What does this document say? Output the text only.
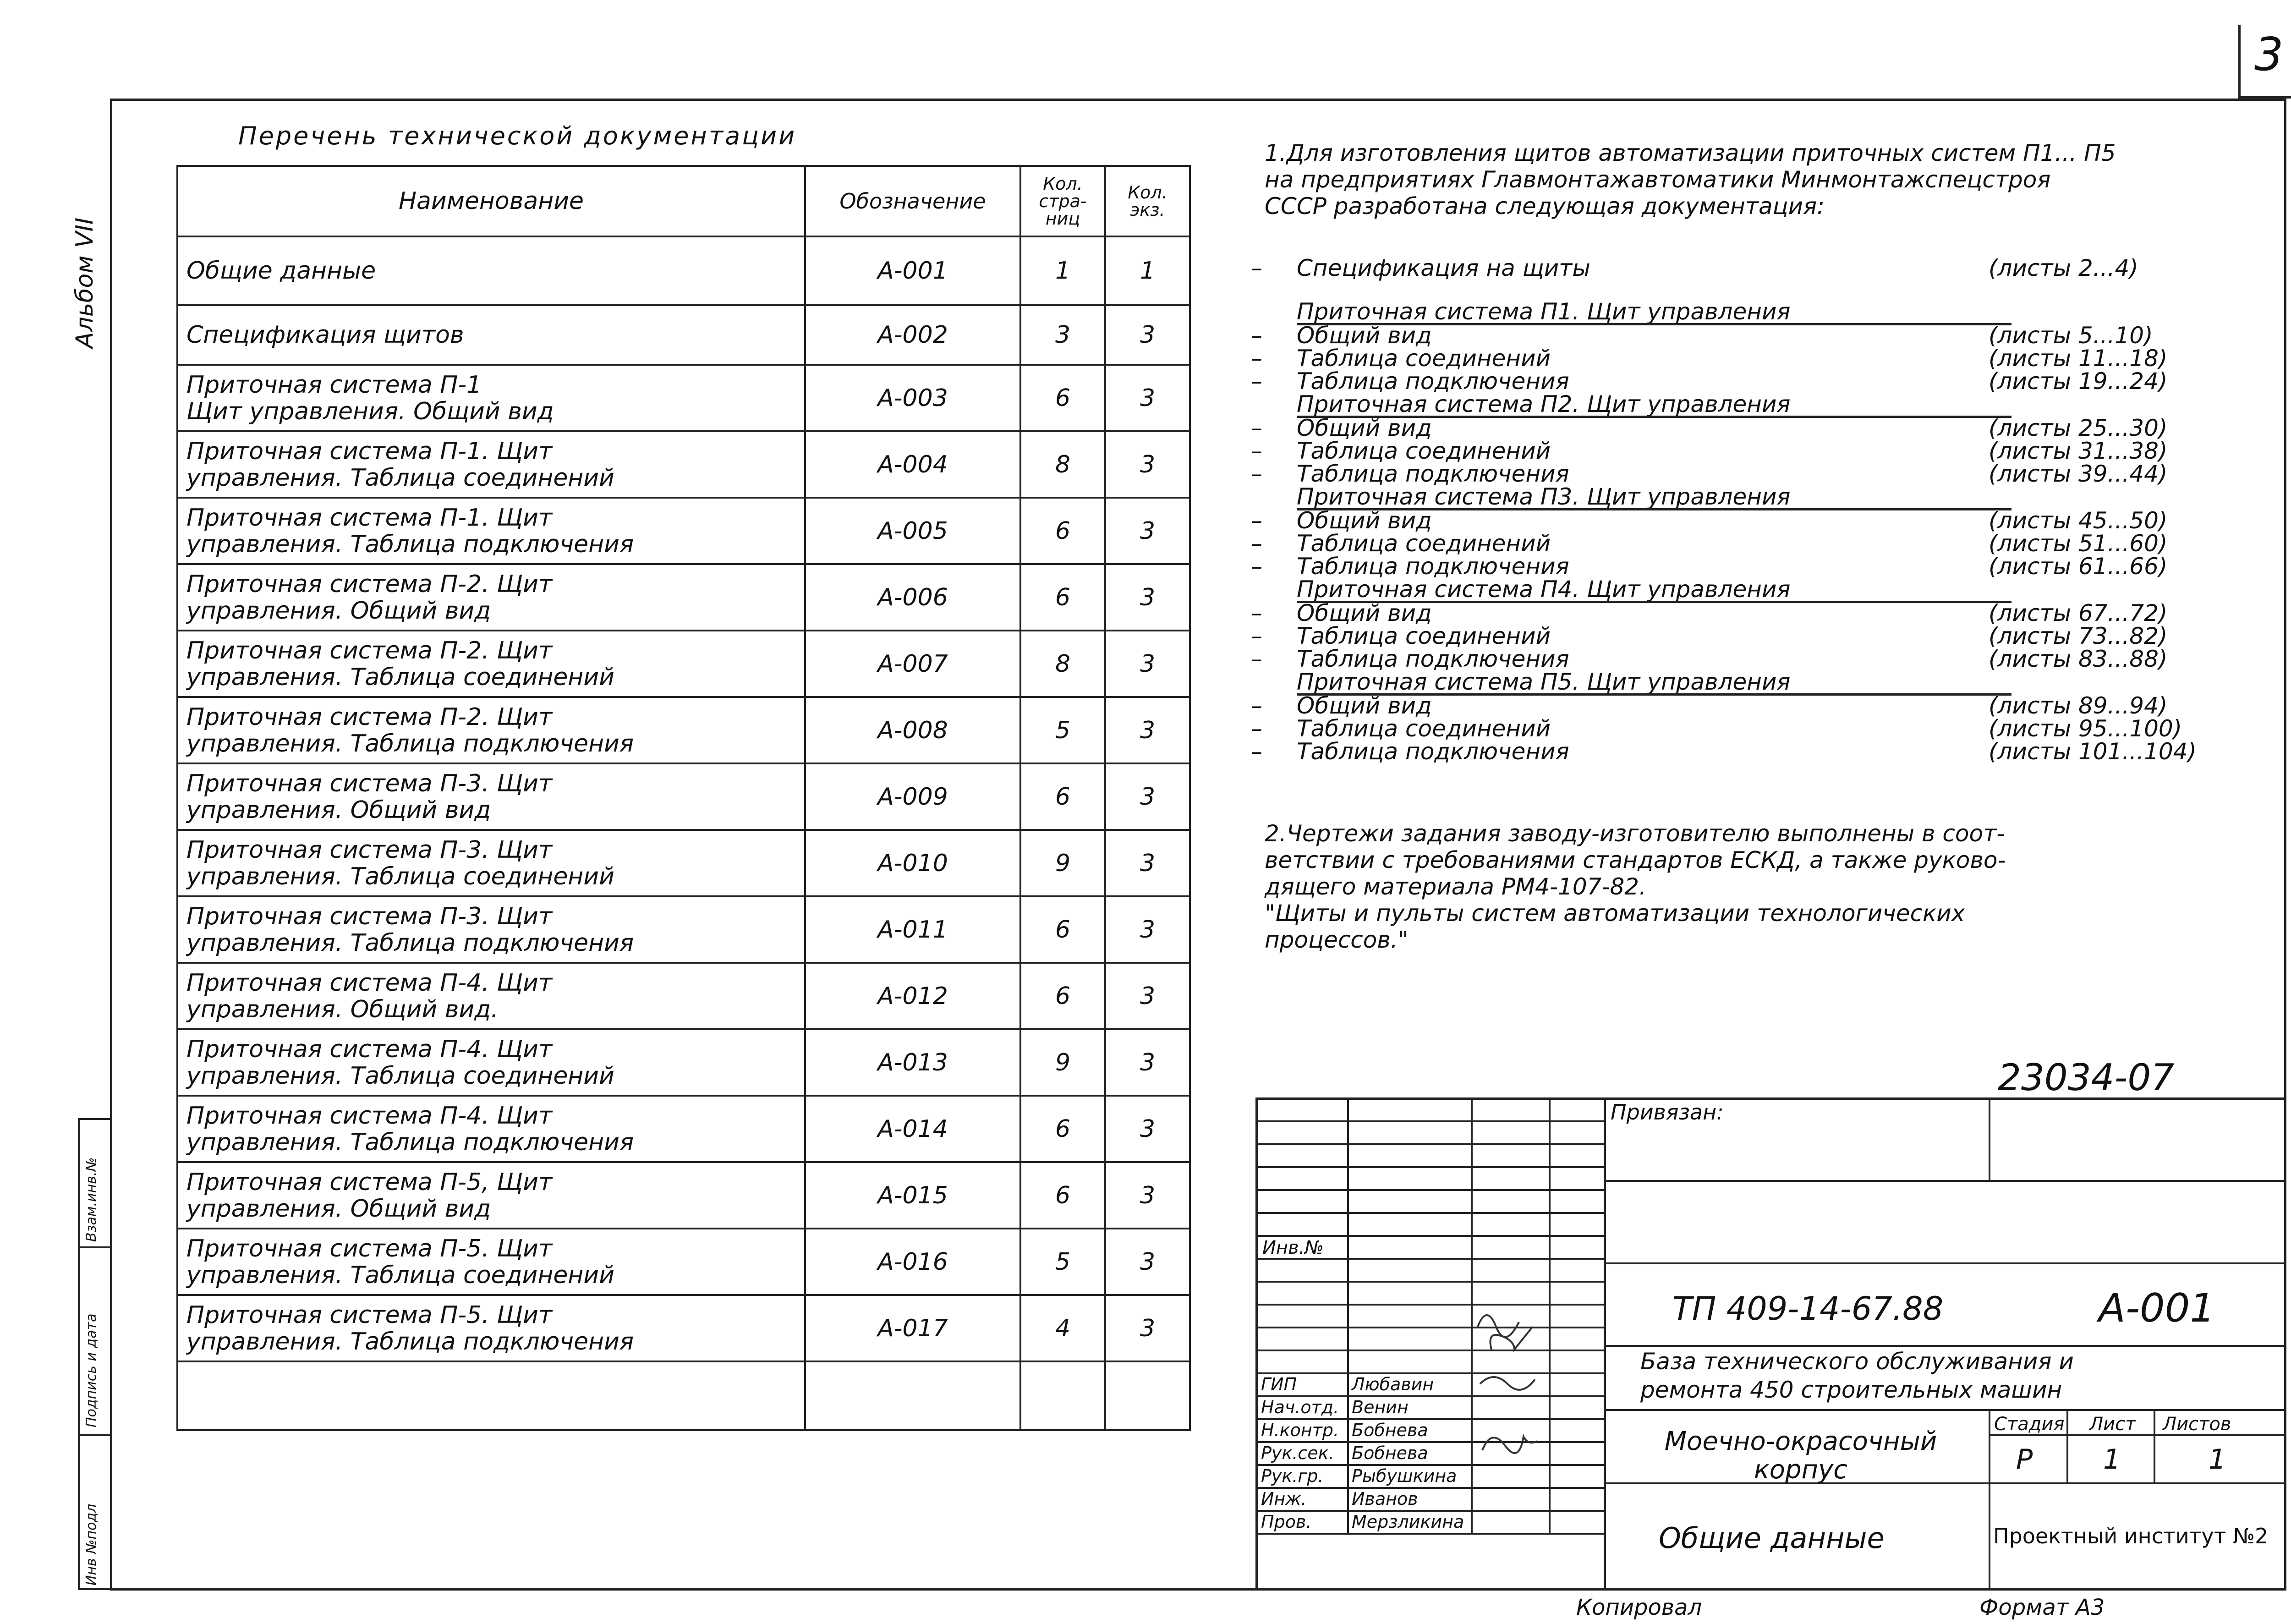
3
Альбом VII
Инв №подл
Подпись и дата
Взам.инв.№
Перечень технической документации
Наименование	Обозначение	Кол. стра-ниц	Кол. экз.

Общие данные	А-001	1	1

Спецификация щитов	А-002	3	3

Приточная система П-1
Щит управления. Общий вид	А-003	6	3

Приточная система П-1. Щит
управления. Таблица соединений	А-004	8	3

Приточная система П-1. Щит
управления. Таблица подключения	А-005	6	3

Приточная система П-2. Щит
управления. Общий вид	А-006	6	3

Приточная система П-2. Щит
управления. Таблица соединений	А-007	8	3

Приточная система П-2. Щит
управления. Таблица подключения	А-008	5	3

Приточная система П-3. Щит
управления. Общий вид	А-009	6	3

Приточная система П-3. Щит
управления. Таблица соединений	А-010	9	3

Приточная система П-3. Щит
управления. Таблица подключения	А-011	6	3

Приточная система П-4. Щит
управления. Общий вид.	А-012	6	3

Приточная система П-4. Щит
управления. Таблица соединений	А-013	9	3

Приточная система П-4. Щит
управления. Таблица подключения	А-014	6	3

Приточная система П-5, Щит
управления. Общий вид	А-015	6	3

Приточная система П-5. Щит
управления. Таблица соединений	А-016	5	3

Приточная система П-5. Щит
управления. Таблица подключения	А-017	4	3

1.Для изготовления щитов автоматизации приточных систем П1... П5
на предприятиях Главмонтажавтоматики Минмонтажспецстроя
СССР разработана следующая документация:
– Спецификация на щиты	(листы 2...4)
Приточная система П1. Щит управления
– Общий вид	(листы 5...10)
– Таблица соединений	(листы 11...18)
– Таблица подключения	(листы 19...24)
Приточная система П2. Щит управления
– Общий вид	(листы 25...30)
– Таблица соединений	(листы 31...38)
– Таблица подключения	(листы 39...44)
Приточная система П3. Щит управления
– Общий вид	(листы 45...50)
– Таблица соединений	(листы 51...60)
– Таблица подключения	(листы 61...66)
Приточная система П4. Щит управления
– Общий вид	(листы 67...72)
– Таблица соединений	(листы 73...82)
– Таблица подключения	(листы 83...88)
Приточная система П5. Щит управления
– Общий вид	(листы 89...94)
– Таблица соединений	(листы 95...100)
– Таблица подключения	(листы 101...104)
2.Чертежи задания заводу-изготовителю выполнены в соот-
ветствии с требованиями стандартов ЕСКД, а также руково-
дящего материала РМ4-107-82.
"Щиты и пульты систем автоматизации технологических
процессов."
23034-07
ГИП	Любавин
Нач.отд. Венин
Н.контр. Бобнева
Рук.сек. Бобнева
Рук.гр. Рыбушкина
Инж.	Иванов
Пров. Мерзликина
Привязан:
Инв.№
ТП 409-14-67.88	А-001
База технического обслуживания и
ремонта 450 строительных машин
Моечно-окрасочный
корпус
Стадия Лист Листов
Р	1	1
Общие данные	Проектный институт №2
Копировал	Формат А3
